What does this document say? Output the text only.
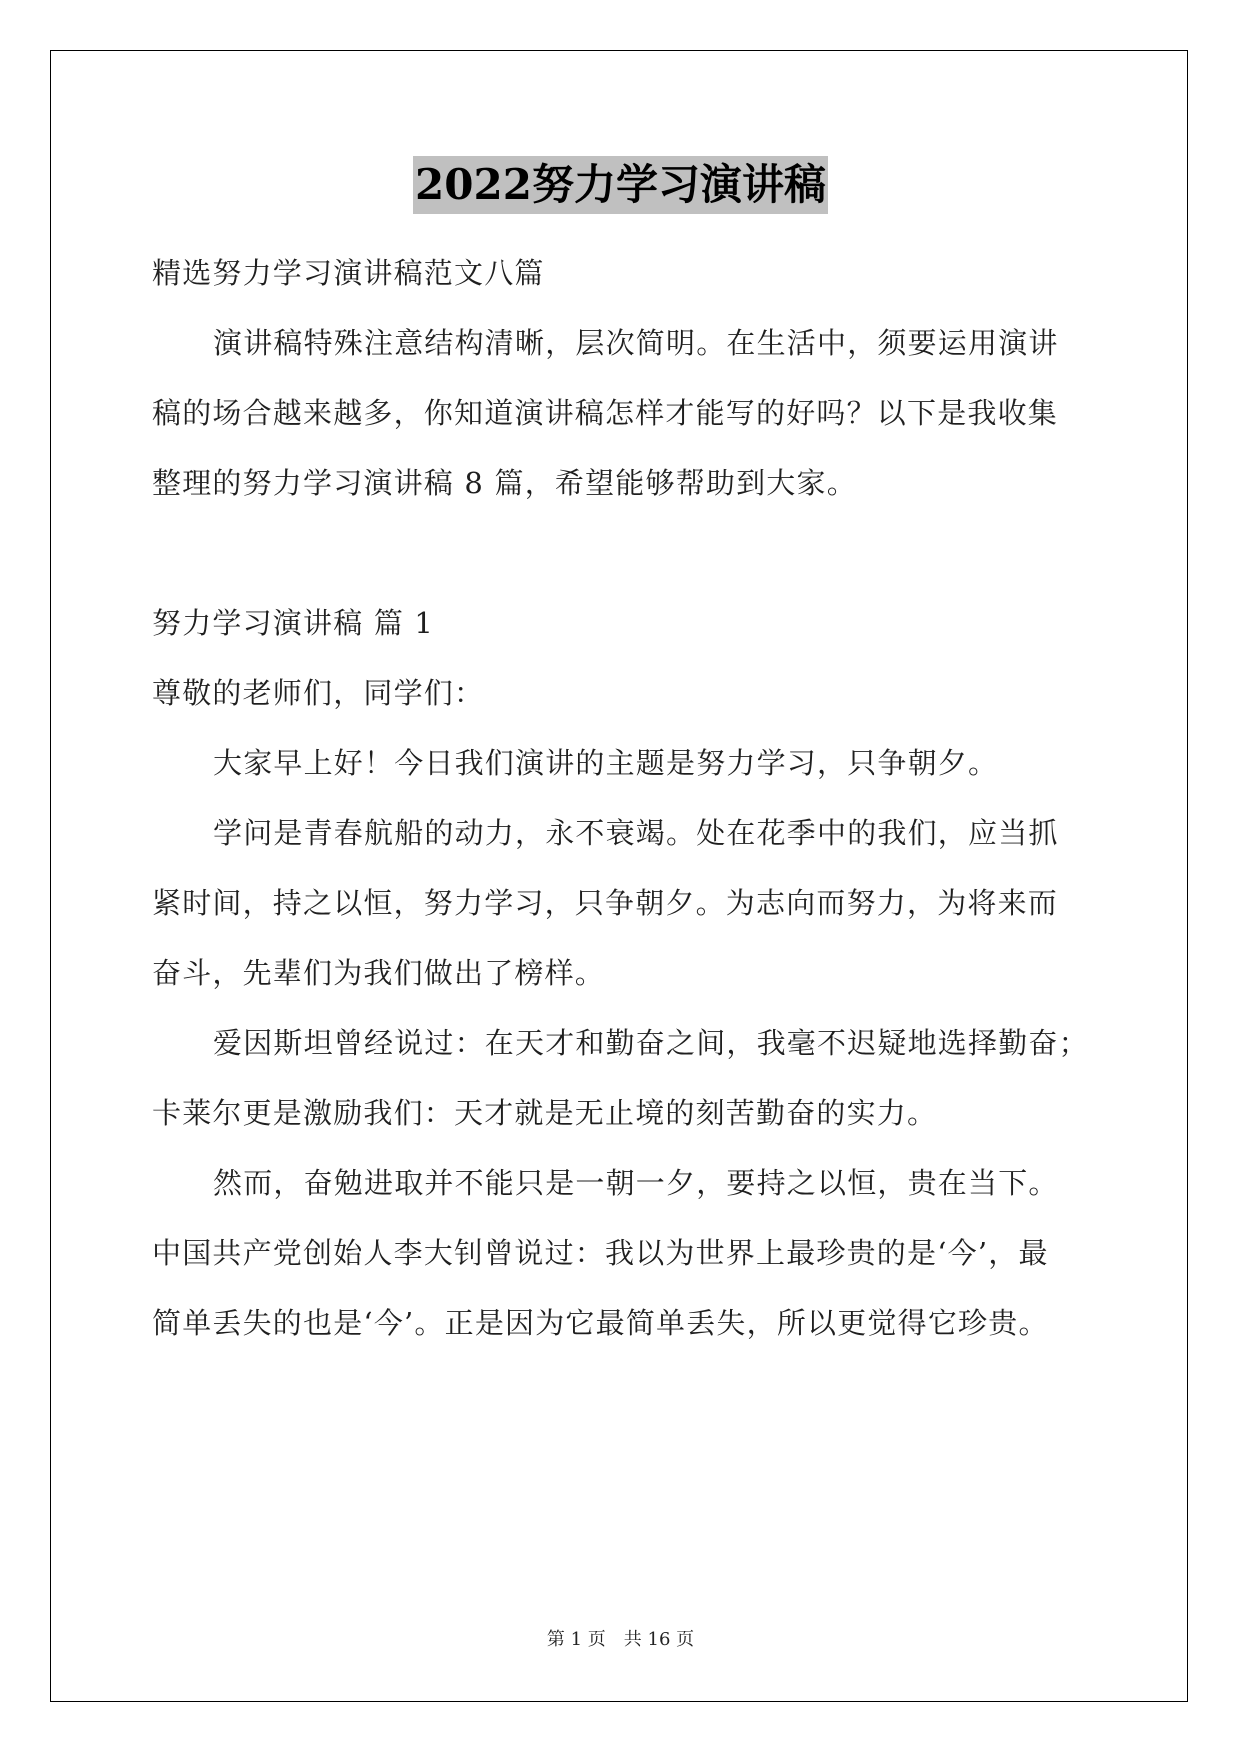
2022努力学习演讲稿
精选努力学习演讲稿范文八篇
演讲稿特殊注意结构清晰，层次简明。在生活中，须要运用演讲
稿的场合越来越多，你知道演讲稿怎样才能写的好吗？以下是我收集
整理的努力学习演讲稿 8 篇，希望能够帮助到大家。
努力学习演讲稿 篇 1
尊敬的老师们，同学们：
大家早上好！今日我们演讲的主题是努力学习，只争朝夕。
学问是青春航船的动力，永不衰竭。处在花季中的我们，应当抓
紧时间，持之以恒，努力学习，只争朝夕。为志向而努力，为将来而
奋斗，先辈们为我们做出了榜样。
爱因斯坦曾经说过：在天才和勤奋之间，我毫不迟疑地选择勤奋；
卡莱尔更是激励我们：天才就是无止境的刻苦勤奋的实力。
然而，奋勉进取并不能只是一朝一夕，要持之以恒，贵在当下。
中国共产党创始人李大钊曾说过：我以为世界上最珍贵的是‘今’，最
简单丢失的也是‘今’。正是因为它最简单丢失，所以更觉得它珍贵。
第 1 页 共 16 页
